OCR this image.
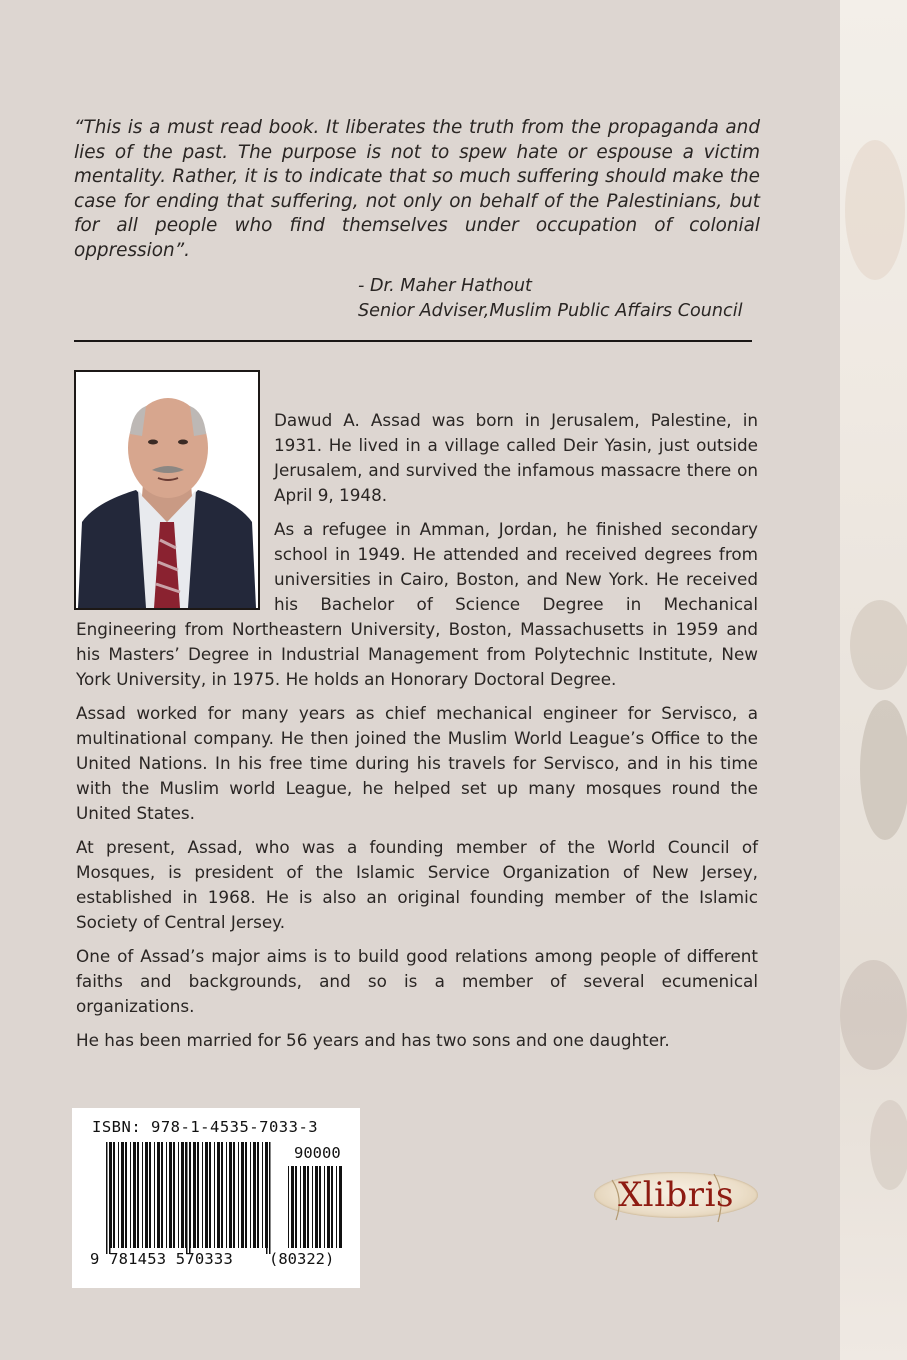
“This is a must read book. It liberates the truth from the propaganda and lies of the past. The purpose is not to spew hate or espouse a victim mentality. Rather, it is to indicate that so much suffering should make the case for ending that suffering, not only on behalf of the Palestinians, but for all people who find themselves under occupation of colonial oppression”.

- Dr. Maher Hathout
Senior Adviser,Muslim Public Affairs Council

Dawud A. Assad was born in Jerusalem, Palestine, in 1931. He lived in a village called Deir Yasin, just outside Jerusalem, and survived the infamous massacre there on April 9, 1948.

As a refugee in Amman, Jordan, he finished secondary school in 1949. He attended and received degrees from universities in Cairo, Boston, and New York. He received his Bachelor of Science Degree in Mechanical Engineering from Northeastern University, Boston, Massachusetts in 1959 and his Masters’ Degree in Industrial Management from Polytechnic Institute, New York University, in 1975. He holds an Honorary Doctoral Degree.

Assad worked for many years as chief mechanical engineer for Servisco, a multinational company. He then joined the Muslim World League’s Office to the United Nations. In his free time during his travels for Servisco, and in his time with the Muslim world League, he helped set up many mosques round the United States.

At present, Assad, who was a founding member of the World Council of Mosques, is president of the Islamic Service Organization of New Jersey, established in 1968. He is also an original founding member of the Islamic Society of Central Jersey.

One of Assad’s major aims is to build good relations among people of different faiths and backgrounds, and so is a member of several ecumenical organizations.

He has been married for 56 years and has two sons and one daughter.

ISBN: 978-1-4535-7033-3
90000
9 781453 570333 (80322)
Xlibris
